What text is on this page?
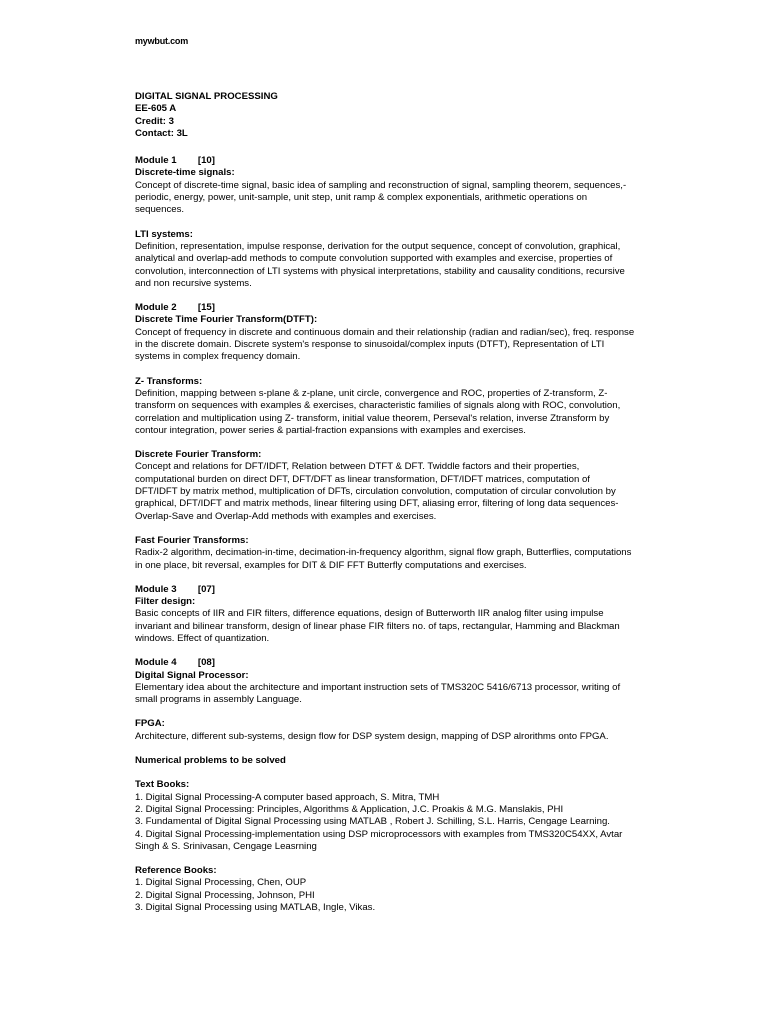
mywbut.com
DIGITAL SIGNAL PROCESSING
EE-605 A
Credit: 3
Contact: 3L
Module 1 [10]
Discrete-time signals:

Concept of discrete-time signal, basic idea of sampling and reconstruction of signal, sampling theorem, sequences,- periodic, energy, power, unit-sample, unit step, unit ramp & complex exponentials, arithmetic operations on sequences.

LTI systems:

Definition, representation, impulse response, derivation for the output sequence, concept of convolution, graphical, analytical and overlap-add methods to compute convolution supported with examples and exercise, properties of convolution, interconnection of LTI systems with physical interpretations, stability and causality conditions, recursive and non recursive systems.

Module 2 [15]
Discrete Time Fourier Transform(DTFT):

Concept of frequency in discrete and continuous domain and their relationship (radian and radian/sec), freq. response in the discrete domain. Discrete system's response to sinusoidal/complex inputs (DTFT), Representation of LTI systems in complex frequency domain.

Z- Transforms:

Definition, mapping between s-plane & z-plane, unit circle, convergence and ROC, properties of Z-transform, Z-transform on sequences with examples & exercises, characteristic families of signals along with ROC, convolution, correlation and multiplication using Z- transform, initial value theorem, Perseval's relation, inverse Ztransform by contour integration, power series & partial-fraction expansions with examples and exercises.

Discrete Fourier Transform:

Concept and relations for DFT/IDFT, Relation between DTFT & DFT. Twiddle factors and their properties, computational burden on direct DFT, DFT/DFT as linear transformation, DFT/IDFT matrices, computation of DFT/IDFT by matrix method, multiplication of DFTs, circulation convolution, computation of circular convolution by graphical, DFT/IDFT and matrix methods, linear filtering using DFT, aliasing error, filtering of long data sequences- Overlap-Save and Overlap-Add methods with examples and exercises.

Fast Fourier Transforms:

Radix-2 algorithm, decimation-in-time, decimation-in-frequency algorithm, signal flow graph, Butterflies, computations in one place, bit reversal, examples for DIT & DIF FFT Butterfly computations and exercises.

Module 3 [07]
Filter design:

Basic concepts of IIR and FIR filters, difference equations, design of Butterworth IIR analog filter using impulse invariant and bilinear transform, design of linear phase FIR filters no. of taps, rectangular, Hamming and Blackman windows. Effect of quantization.

Module 4 [08]
Digital Signal Processor:

Elementary idea about the architecture and important instruction sets of TMS320C 5416/6713 processor, writing of small programs in assembly Language.

FPGA:

Architecture, different sub-systems, design flow for DSP system design, mapping of DSP alrorithms onto FPGA.

Numerical problems to be solved
Text Books:
1. Digital Signal Processing-A computer based approach, S. Mitra, TMH
2. Digital Signal Processing: Principles, Algorithms & Application, J.C. Proakis & M.G. Manslakis, PHI
3. Fundamental of Digital Signal Processing using MATLAB , Robert J. Schilling, S.L. Harris, Cengage Learning.
4. Digital Signal Processing-implementation using DSP microprocessors with examples from TMS320C54XX, Avtar Singh & S. Srinivasan, Cengage Leasrning
Reference Books:
1. Digital Signal Processing, Chen, OUP
2. Digital Signal Processing, Johnson, PHI
3. Digital Signal Processing using MATLAB, Ingle, Vikas.
